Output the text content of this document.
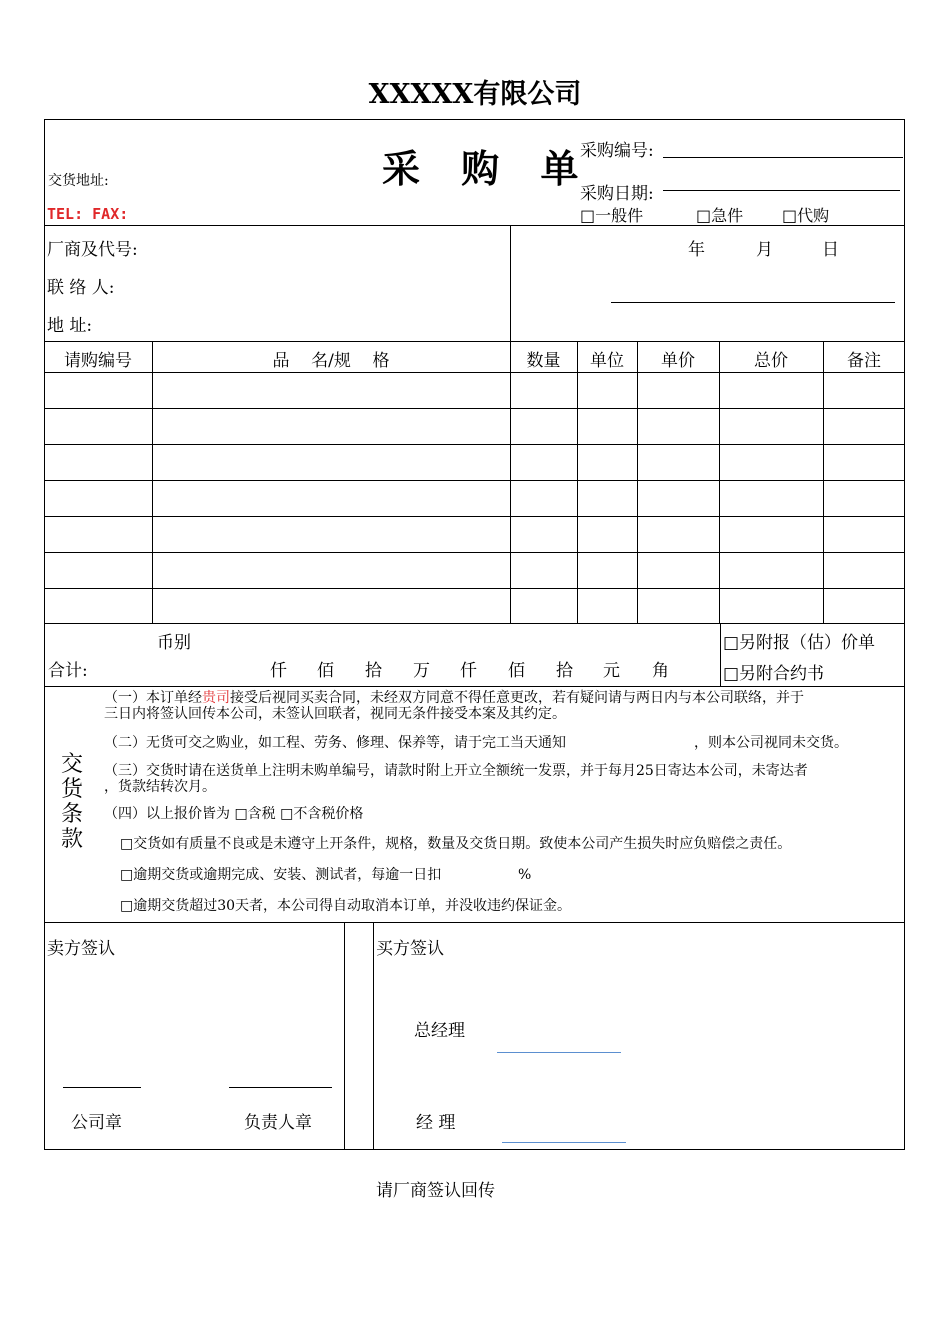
XXXXX有限公司
采 购 单
交货地址:
TEL: FAX:
采购编号:
采购日期:
□一般件	□急件 □代购
厂商及代号:
联 络 人:
地 址:
年	月	日
请购编号	品    名/规    格	数量	单位	单价	总价	备注
币别
合计:	仟 佰 拾 万 仟 佰 拾 元 角
□另附报（估）价单
□另附合约书
交
货
条
款
（一）本订单经贵司接受后视同买卖合同，未经双方同意不得任意更改，若有疑问请与两日内与本公司联络，并于
三日内将签认回传本公司，未签认回联者，视同无条件接受本案及其约定。
（二）无货可交之购业，如工程、劳务、修理、保养等，请于完工当天通知	，则本公司视同未交货。
（三）交货时请在送货单上注明未购单编号，请款时附上开立全额统一发票，并于每月25日寄达本公司，未寄达者
，货款结转次月。
（四）以上报价皆为 □含税 □不含税价格
□交货如有质量不良或是未遵守上开条件，规格，数量及交货日期。致使本公司产生损失时应负赔偿之责任。
□逾期交货或逾期完成、安装、测试者，每逾一日扣	%
□逾期交货超过30天者，本公司得自动取消本订单，并没收违约保证金。
卖方签认	买方签认
公司章	负责人章
总经理
经 理
请厂商签认回传
